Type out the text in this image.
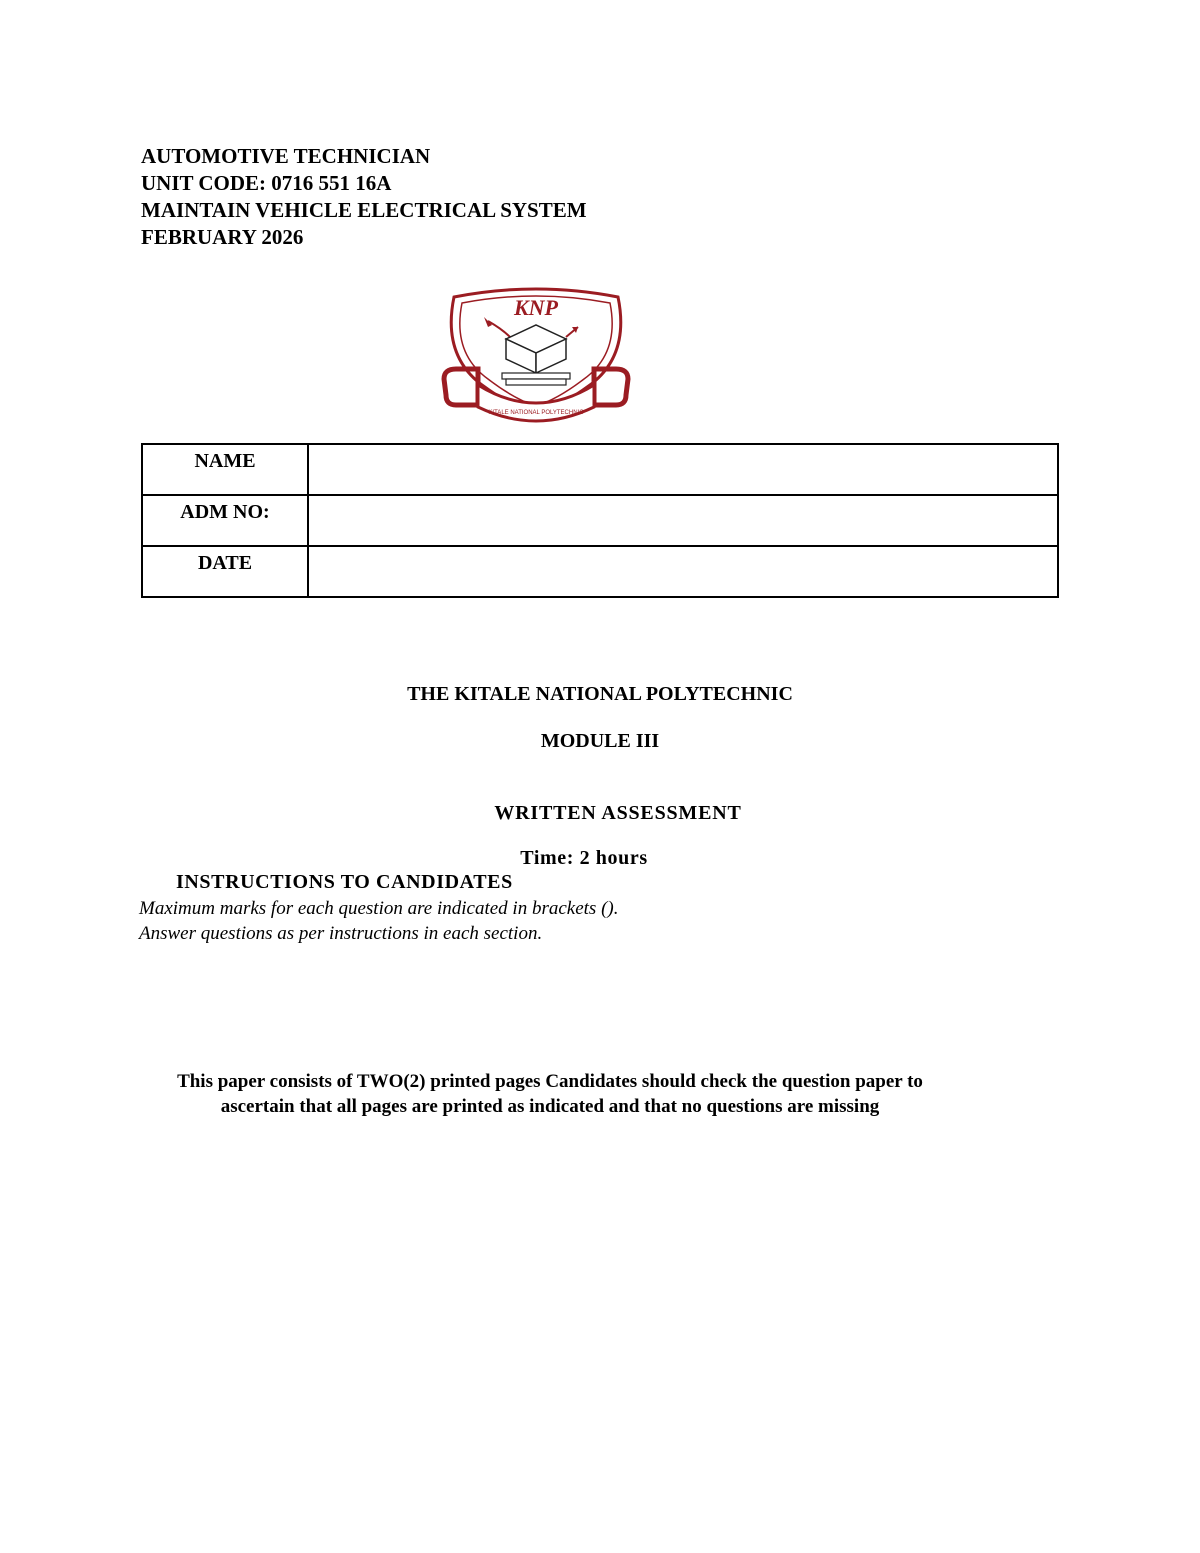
AUTOMOTIVE TECHNICIAN
UNIT CODE: 0716 551 16A
MAINTAIN VEHICLE ELECTRICAL SYSTEM
FEBRUARY 2026
KNP
KITALE NATIONAL POLYTECHNIC
NAME	
ADM NO:	
DATE	
THE KITALE NATIONAL POLYTECHNIC
MODULE III
WRITTEN ASSESSMENT
Time: 2 hours
INSTRUCTIONS TO CANDIDATES
Maximum marks for each question are indicated in brackets ().
Answer questions as per instructions in each section.
This paper consists of TWO(2) printed pages Candidates should check the question paper to ascertain that all pages are printed as indicated and that no questions are missing
